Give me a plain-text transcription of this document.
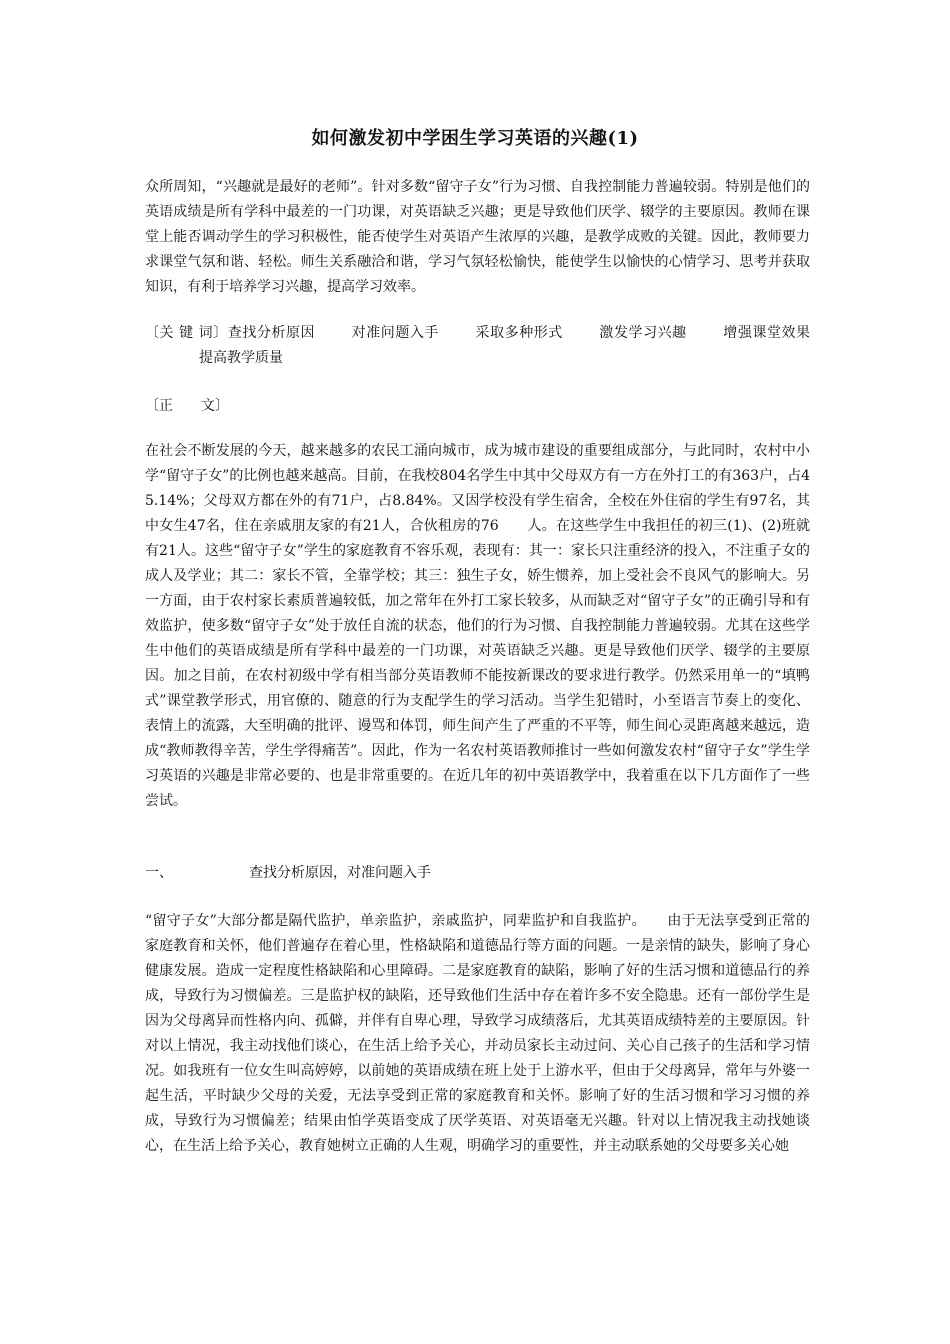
如何激发初中学困生学习英语的兴趣(1)

众所周知，“兴趣就是最好的老师”。针对多数“留守子女”行为习惯、自我控制能力普遍较弱。特别是他们的英语成绩是所有学科中最差的一门功课，对英语缺乏兴趣；更是导致他们厌学、辍学的主要原因。教师在课堂上能否调动学生的学习积极性，能否使学生对英语产生浓厚的兴趣，是教学成败的关键。因此，教师要力求课堂气氛和谐、轻松。师生关系融洽和谐，学习气氛轻松愉快，能使学生以愉快的心情学习、思考并获取知识，有利于培养学习兴趣，提高学习效率。

〔关 键 词〕查找分析原因	对准问题入手	采取多种形式	激发学习兴趣	增强课堂效果提高教学质量

〔正　　文〕

在社会不断发展的今天，越来越多的农民工涌向城市，成为城市建设的重要组成部分，与此同时，农村中小学“留守子女”的比例也越来越高。目前，在我校804名学生中其中父母双方有一方在外打工的有363户，占45.14%；父母双方都在外的有71户，占8.84%。又因学校没有学生宿舍，全校在外住宿的学生有97名，其中女生47名，住在亲戚朋友家的有21人，合伙租房的76　　人。在这些学生中我担任的初三(1)、(2)班就有21人。这些“留守子女”学生的家庭教育不容乐观，表现有：其一：家长只注重经济的投入，不注重子女的成人及学业；其二：家长不管，全靠学校；其三：独生子女，娇生惯养，加上受社会不良风气的影响大。另一方面，由于农村家长素质普遍较低，加之常年在外打工家长较多，从而缺乏对“留守子女”的正确引导和有效监护，使多数“留守子女”处于放任自流的状态，他们的行为习惯、自我控制能力普遍较弱。尤其在这些学生中他们的英语成绩是所有学科中最差的一门功课，对英语缺乏兴趣。更是导致他们厌学、辍学的主要原因。加之目前，在农村初级中学有相当部分英语教师不能按新课改的要求进行教学。仍然采用单一的“填鸭式”课堂教学形式，用官僚的、随意的行为支配学生的学习活动。当学生犯错时，小至语言节奏上的变化、表情上的流露，大至明确的批评、谩骂和体罚，师生间产生了严重的不平等，师生间心灵距离越来越远，造成“教师教得辛苦，学生学得痛苦”。因此，作为一名农村英语教师推讨一些如何激发农村“留守子女”学生学习英语的兴趣是非常必要的、也是非常重要的。在近几年的初中英语教学中，我着重在以下几方面作了一些尝试。

一、	查找分析原因，对准问题入手

“留守子女”大部分都是隔代监护，单亲监护，亲戚监护，同辈监护和自我监护。　　由于无法享受到正常的家庭教育和关怀，他们普遍存在着心里，性格缺陷和道德品行等方面的问题。一是亲情的缺失，影响了身心健康发展。造成一定程度性格缺陷和心里障碍。二是家庭教育的缺陷，影响了好的生活习惯和道德品行的养成，导致行为习惯偏差。三是监护权的缺陷，还导致他们生活中存在着许多不安全隐患。还有一部份学生是因为父母离异而性格内向、孤僻，并伴有自卑心理，导致学习成绩落后，尤其英语成绩特差的主要原因。针对以上情况，我主动找他们谈心，在生活上给予关心，并动员家长主动过问、关心自己孩子的生活和学习情况。如我班有一位女生叫高婷婷，以前她的英语成绩在班上处于上游水平，但由于父母离异，常年与外婆一起生活，平时缺少父母的关爱，无法享受到正常的家庭教育和关怀。影响了好的生活习惯和学习习惯的养成，导致行为习惯偏差；结果由怕学英语变成了厌学英语、对英语毫无兴趣。针对以上情况我主动找她谈心，在生活上给予关心，教育她树立正确的人生观，明确学习的重要性，并主动联系她的父母要多关心她
